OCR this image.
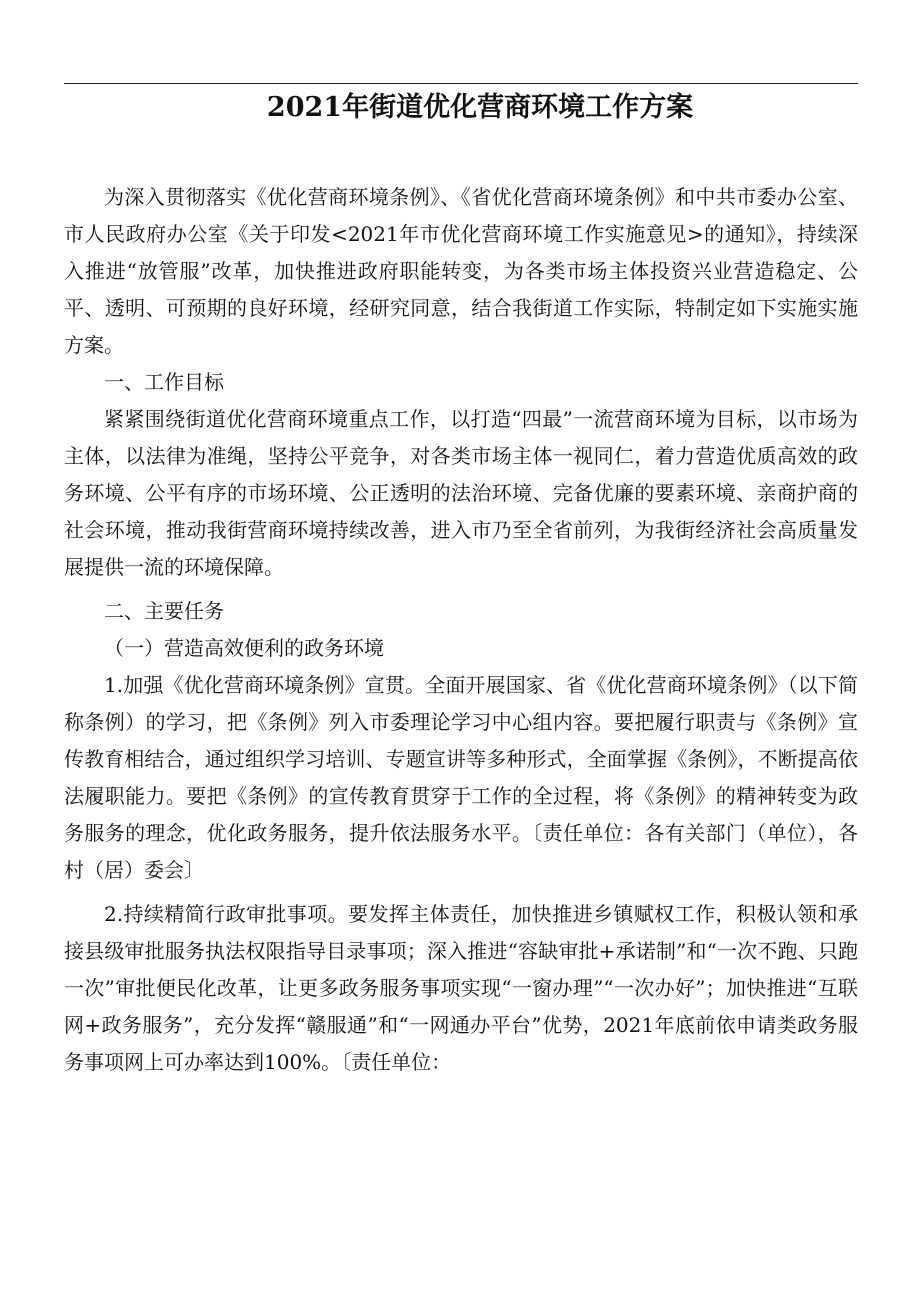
2021年街道优化营商环境工作方案

为深入贯彻落实《优化营商环境条例》、《省优化营商环境条例》和中共市委办公室、市人民政府办公室《关于印发<2021年市优化营商环境工作实施意见>的通知》，持续深入推进“放管服”改革，加快推进政府职能转变，为各类市场主体投资兴业营造稳定、公平、透明、可预期的良好环境，经研究同意，结合我街道工作实际，特制定如下实施实施方案。

一、工作目标

紧紧围绕街道优化营商环境重点工作，以打造“四最”一流营商环境为目标，以市场为主体，以法律为准绳，坚持公平竞争，对各类市场主体一视同仁，着力营造优质高效的政务环境、公平有序的市场环境、公正透明的法治环境、完备优廉的要素环境、亲商护商的社会环境，推动我街营商环境持续改善，进入市乃至全省前列，为我街经济社会高质量发展提供一流的环境保障。

二、主要任务

（一）营造高效便利的政务环境

1.加强《优化营商环境条例》宣贯。全面开展国家、省《优化营商环境条例》（以下简称条例）的学习，把《条例》列入市委理论学习中心组内容。要把履行职责与《条例》宣传教育相结合，通过组织学习培训、专题宣讲等多种形式，全面掌握《条例》，不断提高依法履职能力。要把《条例》的宣传教育贯穿于工作的全过程，将《条例》的精神转变为政务服务的理念，优化政务服务，提升依法服务水平。〔责任单位：各有关部门（单位），各村（居）委会〕

2.持续精简行政审批事项。要发挥主体责任，加快推进乡镇赋权工作，积极认领和承接县级审批服务执法权限指导目录事项；深入推进“容缺审批+承诺制”和“一次不跑、只跑一次”审批便民化改革，让更多政务服务事项实现“一窗办理”“一次办好”；加快推进“互联网+政务服务”，充分发挥“赣服通”和“一网通办平台”优势，2021年底前依申请类政务服务事项网上可办率达到100%。〔责任单位：
